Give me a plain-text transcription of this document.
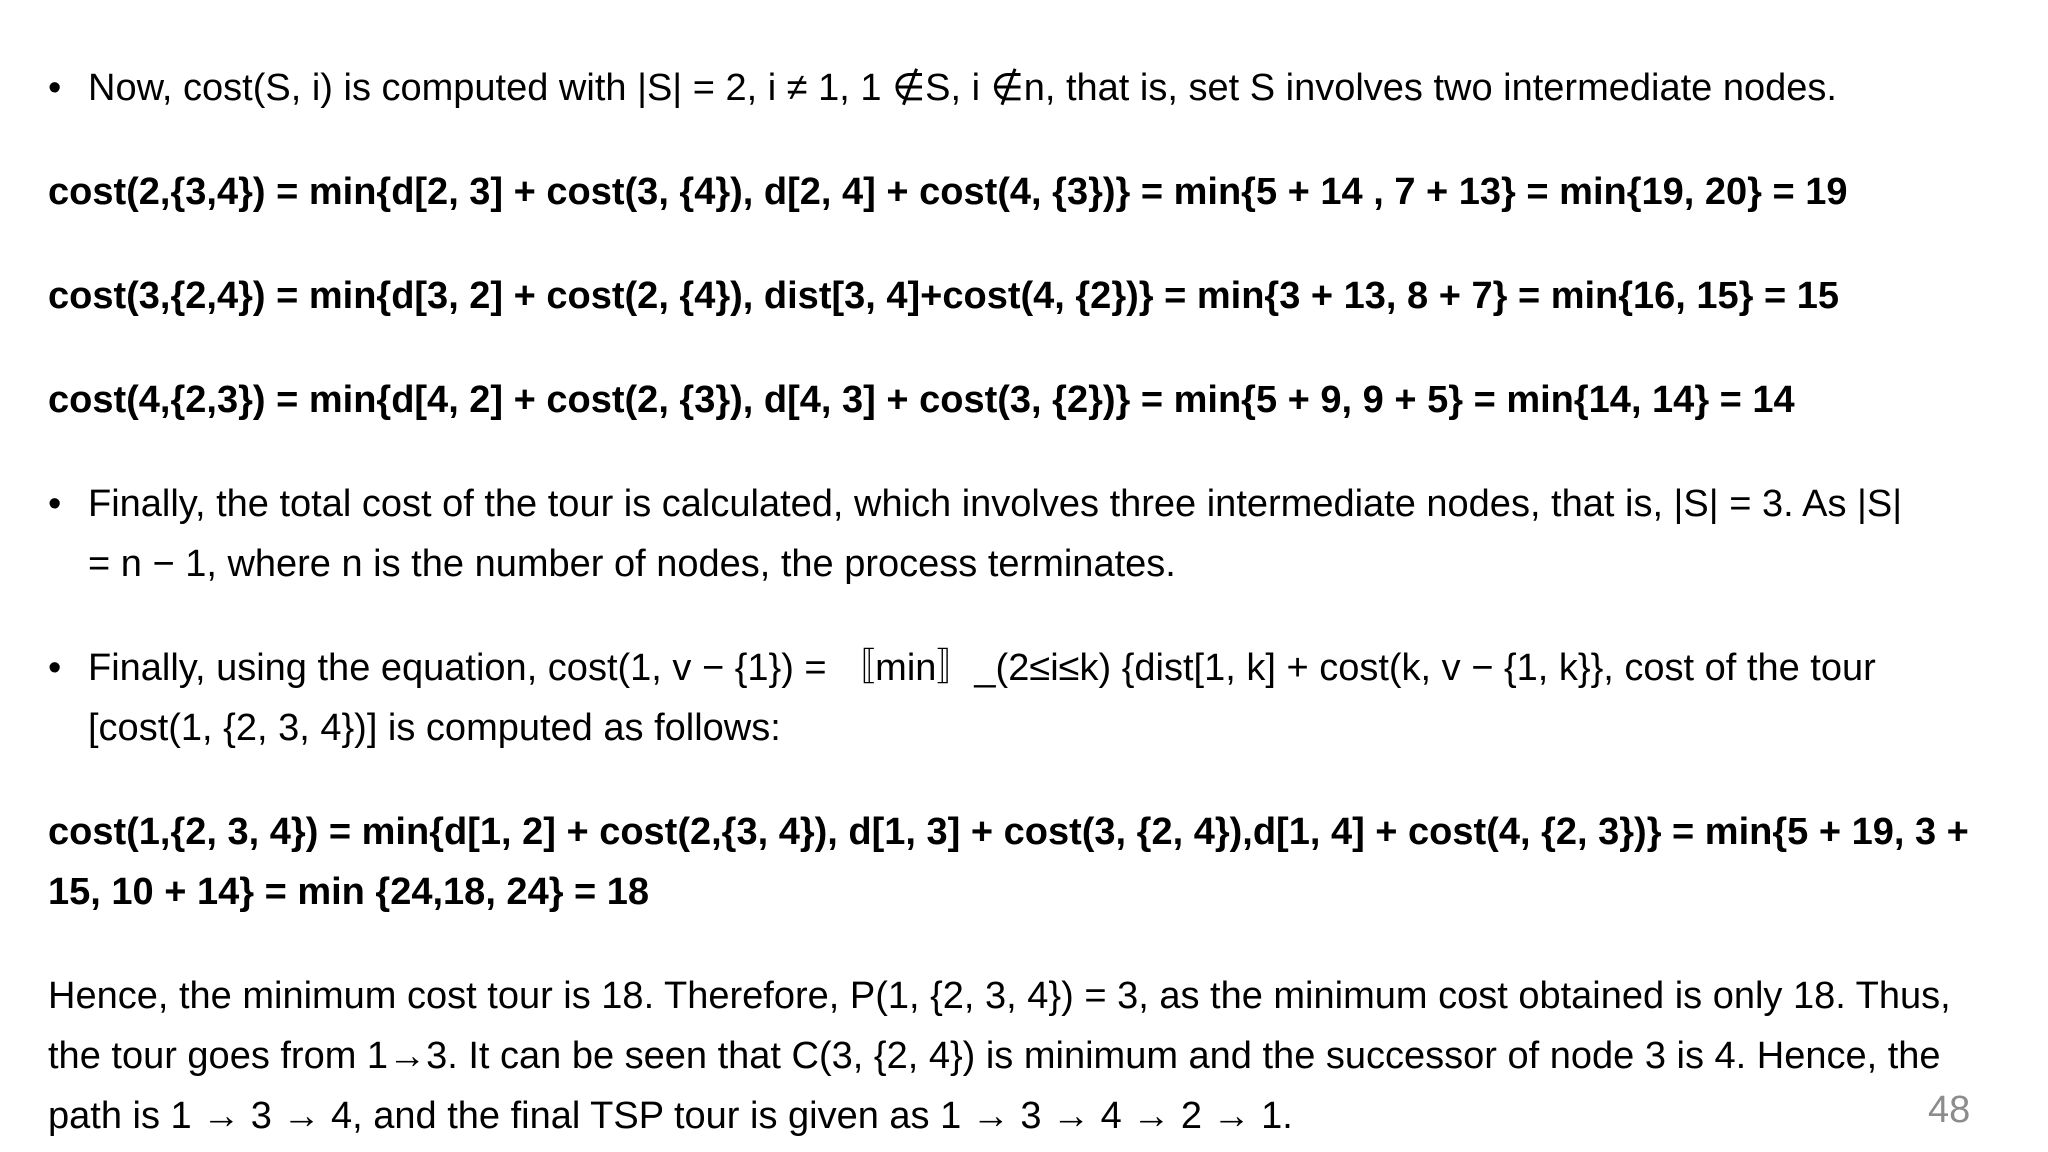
• Now, cost(S, i) is computed with |S| = 2, i ≠ 1, 1 ∉S, i ∉n, that is, set S involves two intermediate nodes.
cost(2,{3,4}) = min{d[2, 3] + cost(3, {4}), d[2, 4] + cost(4, {3})} = min{5 + 14 , 7 + 13} = min{19, 20} = 19
cost(3,{2,4}) = min{d[3, 2] + cost(2, {4}), dist[3, 4]+cost(4, {2})} = min{3 + 13, 8 + 7} = min{16, 15} = 15
cost(4,{2,3}) = min{d[4, 2] + cost(2, {3}), d[4, 3] + cost(3, {2})} = min{5 + 9, 9 + 5} = min{14, 14} = 14
• Finally, the total cost of the tour is calculated, which involves three intermediate nodes, that is, |S| = 3. As |S|
= n − 1, where n is the number of nodes, the process terminates.
• Finally, using the equation, cost(1, v − {1}) = 〚min〛_(2≤i≤k) {dist[1, k] + cost(k, v − {1, k}}, cost of the tour
[cost(1, {2, 3, 4})] is computed as follows:
cost(1,{2, 3, 4}) = min{d[1, 2] + cost(2,{3, 4}), d[1, 3] + cost(3, {2, 4}),d[1, 4] + cost(4, {2, 3})} = min{5 + 19, 3 +
15, 10 + 14} = min {24,18, 24} = 18
Hence, the minimum cost tour is 18. Therefore, P(1, {2, 3, 4}) = 3, as the minimum cost obtained is only 18. Thus,
the tour goes from 1→3. It can be seen that C(3, {2, 4}) is minimum and the successor of node 3 is 4. Hence, the
path is 1 → 3 → 4, and the final TSP tour is given as 1 → 3 → 4 → 2 → 1.	48
